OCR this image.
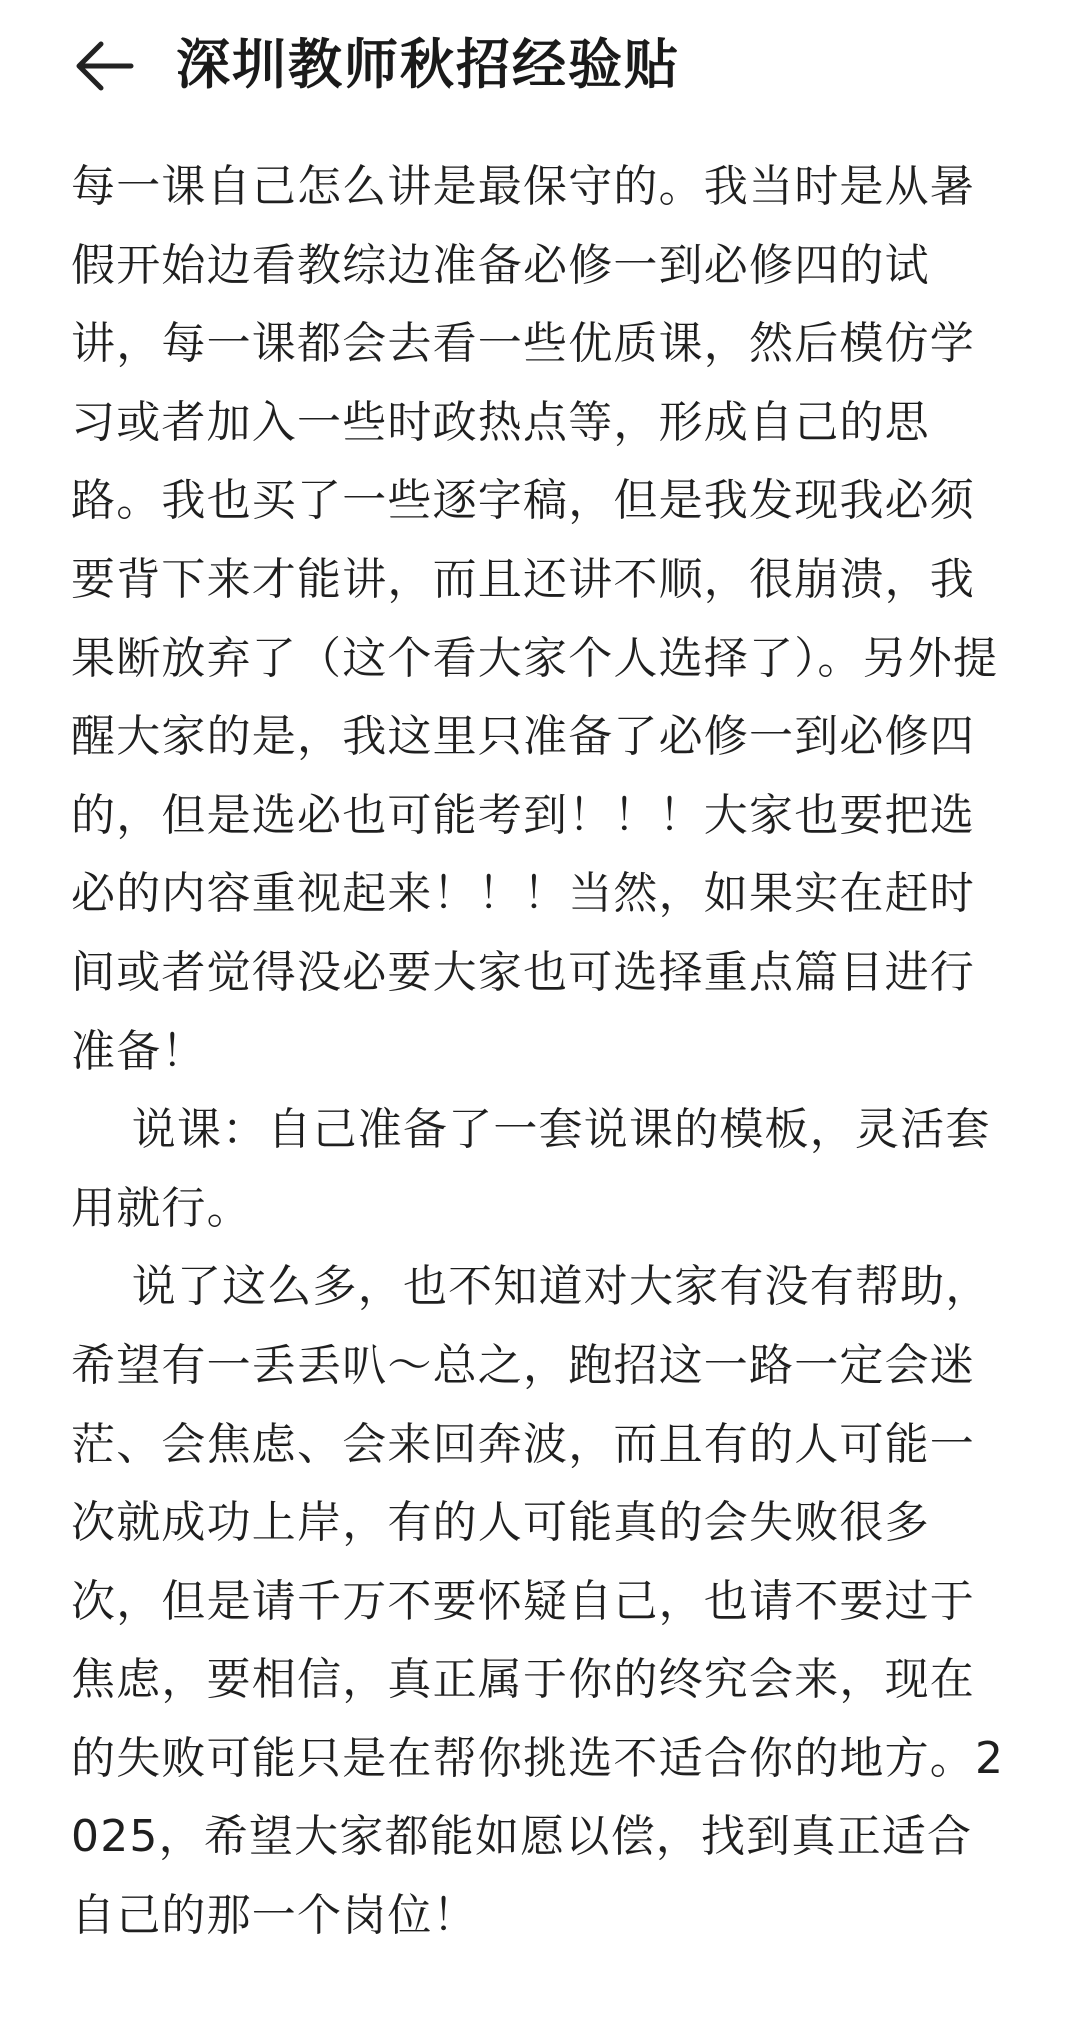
深圳教师秋招经验贴

每一课自己怎么讲是最保守的。我当时是从暑假开始边看教综边准备必修一到必修四的试讲，每一课都会去看一些优质课，然后模仿学习或者加入一些时政热点等，形成自己的思路。我也买了一些逐字稿，但是我发现我必须要背下来才能讲，而且还讲不顺，很崩溃，我果断放弃了（这个看大家个人选择了）。另外提醒大家的是，我这里只准备了必修一到必修四的，但是选必也可能考到！！！大家也要把选必的内容重视起来！！！当然，如果实在赶时间或者觉得没必要大家也可选择重点篇目进行准备！

说课：自己准备了一套说课的模板，灵活套用就行。

说了这么多，也不知道对大家有没有帮助，希望有一丢丢叭～总之，跑招这一路一定会迷茫、会焦虑、会来回奔波，而且有的人可能一次就成功上岸，有的人可能真的会失败很多次，但是请千万不要怀疑自己，也请不要过于焦虑，要相信，真正属于你的终究会来，现在的失败可能只是在帮你挑选不适合你的地方。2025，希望大家都能如愿以偿，找到真正适合自己的那一个岗位！
